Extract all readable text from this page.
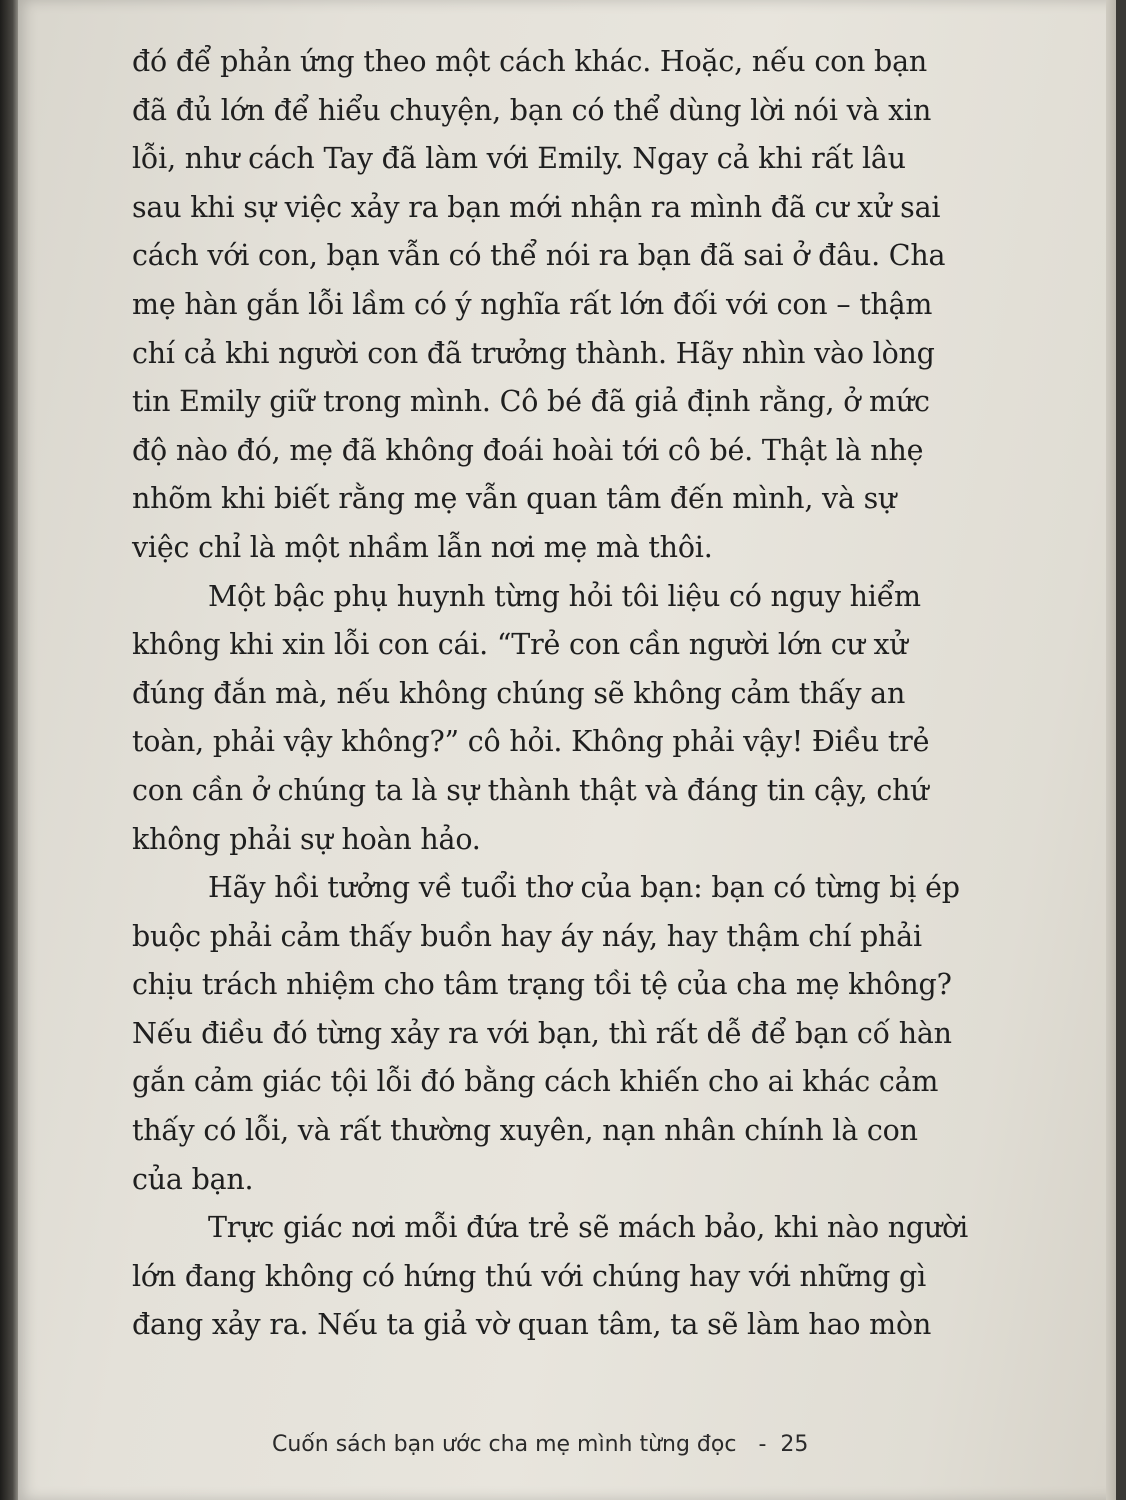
đó để phản ứng theo một cách khác. Hoặc, nếu con bạn
đã đủ lớn để hiểu chuyện, bạn có thể dùng lời nói và xin
lỗi, như cách Tay đã làm với Emily. Ngay cả khi rất lâu
sau khi sự việc xảy ra bạn mới nhận ra mình đã cư xử sai
cách với con, bạn vẫn có thể nói ra bạn đã sai ở đâu. Cha
mẹ hàn gắn lỗi lầm có ý nghĩa rất lớn đối với con – thậm
chí cả khi người con đã trưởng thành. Hãy nhìn vào lòng
tin Emily giữ trong mình. Cô bé đã giả định rằng, ở mức
độ nào đó, mẹ đã không đoái hoài tới cô bé. Thật là nhẹ
nhõm khi biết rằng mẹ vẫn quan tâm đến mình, và sự
việc chỉ là một nhầm lẫn nơi mẹ mà thôi.
Một bậc phụ huynh từng hỏi tôi liệu có nguy hiểm
không khi xin lỗi con cái. “Trẻ con cần người lớn cư xử
đúng đắn mà, nếu không chúng sẽ không cảm thấy an
toàn, phải vậy không?” cô hỏi. Không phải vậy! Điều trẻ
con cần ở chúng ta là sự thành thật và đáng tin cậy, chứ
không phải sự hoàn hảo.
Hãy hồi tưởng về tuổi thơ của bạn: bạn có từng bị ép
buộc phải cảm thấy buồn hay áy náy, hay thậm chí phải
chịu trách nhiệm cho tâm trạng tồi tệ của cha mẹ không?
Nếu điều đó từng xảy ra với bạn, thì rất dễ để bạn cố hàn
gắn cảm giác tội lỗi đó bằng cách khiến cho ai khác cảm
thấy có lỗi, và rất thường xuyên, nạn nhân chính là con
của bạn.
Trực giác nơi mỗi đứa trẻ sẽ mách bảo, khi nào người
lớn đang không có hứng thú với chúng hay với những gì
đang xảy ra. Nếu ta giả vờ quan tâm, ta sẽ làm hao mòn
Cuốn sách bạn ước cha mẹ mình từng đọc - 25
